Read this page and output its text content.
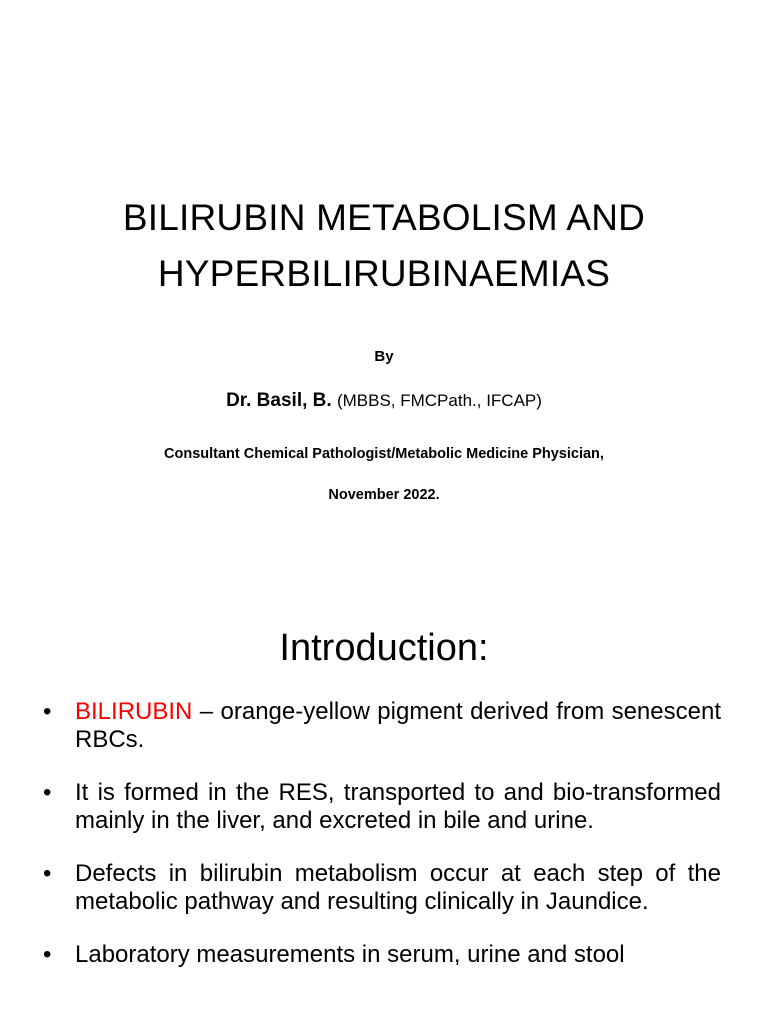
BILIRUBIN METABOLISM AND
HYPERBILIRUBINAEMIAS
By
Dr. Basil, B. (MBBS, FMCPath., IFCAP)
Consultant Chemical Pathologist/Metabolic Medicine Physician,
November 2022.
Introduction:
• BILIRUBIN – orange-yellow pigment derived from senescent RBCs.
• It is formed in the RES, transported to and bio-transformed mainly in the liver, and excreted in bile and urine.
• Defects in bilirubin metabolism occur at each step of the metabolic pathway and resulting clinically in Jaundice.
• Laboratory measurements in serum, urine and stool
